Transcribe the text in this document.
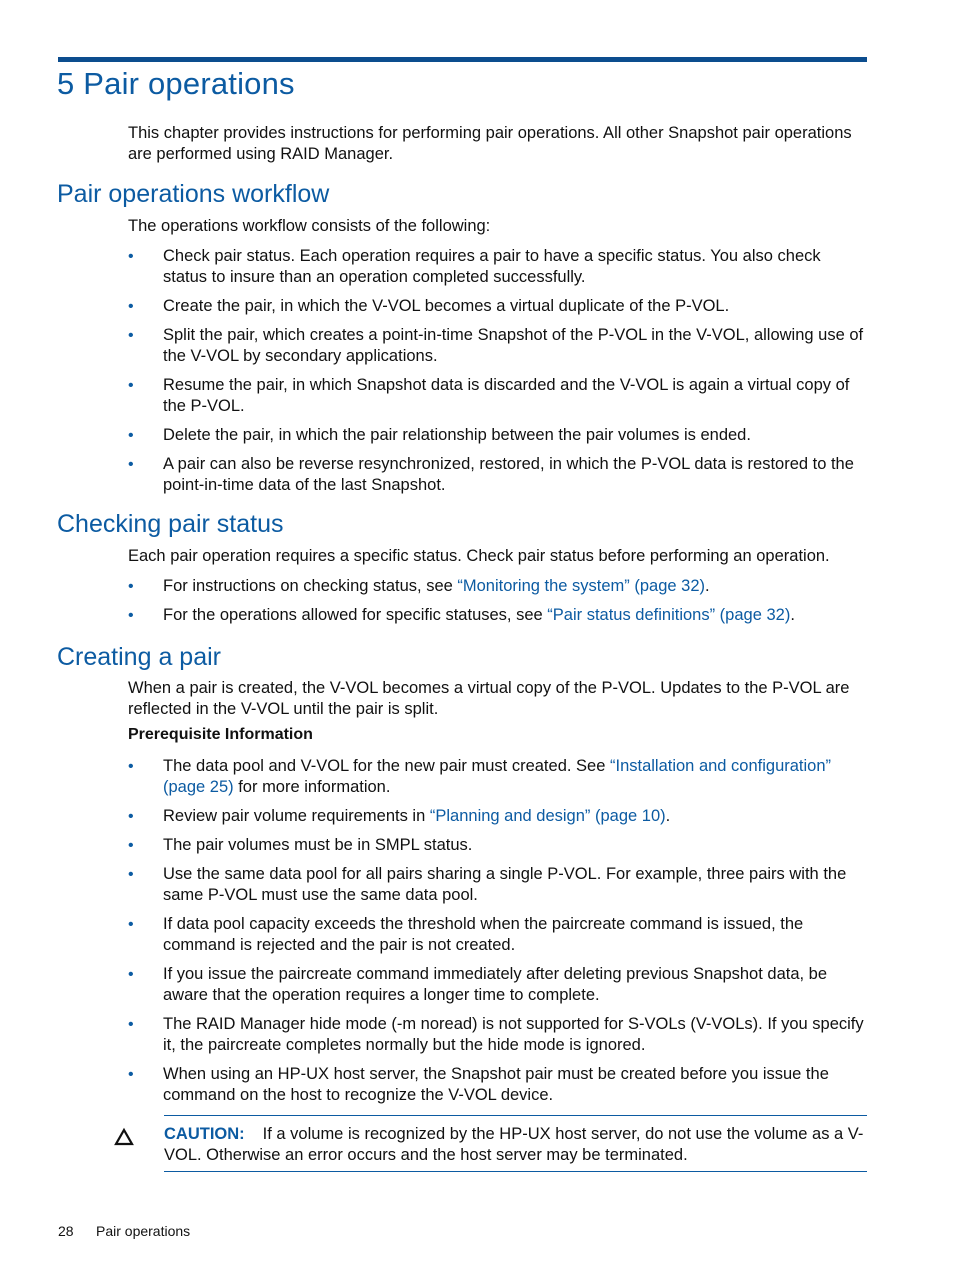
5 Pair operations

This chapter provides instructions for performing pair operations. All other Snapshot pair operations are performed using RAID Manager.

Pair operations workflow

The operations workflow consists of the following:

• Check pair status. Each operation requires a pair to have a specific status. You also check status to insure than an operation completed successfully.
• Create the pair, in which the V-VOL becomes a virtual duplicate of the P-VOL.
• Split the pair, which creates a point-in-time Snapshot of the P-VOL in the V-VOL, allowing use of the V-VOL by secondary applications.
• Resume the pair, in which Snapshot data is discarded and the V-VOL is again a virtual copy of the P-VOL.
• Delete the pair, in which the pair relationship between the pair volumes is ended.
• A pair can also be reverse resynchronized, restored, in which the P-VOL data is restored to the point-in-time data of the last Snapshot.
Checking pair status

Each pair operation requires a specific status. Check pair status before performing an operation.

• For instructions on checking status, see “Monitoring the system” (page 32).
• For the operations allowed for specific statuses, see “Pair status definitions” (page 32).
Creating a pair

When a pair is created, the V-VOL becomes a virtual copy of the P-VOL. Updates to the P-VOL are reflected in the V-VOL until the pair is split.

Prerequisite Information

• The data pool and V-VOL for the new pair must created. See “Installation and configuration” (page 25) for more information.
• Review pair volume requirements in “Planning and design” (page 10).
• The pair volumes must be in SMPL status.
• Use the same data pool for all pairs sharing a single P-VOL. For example, three pairs with the same P-VOL must use the same data pool.
• If data pool capacity exceeds the threshold when the paircreate command is issued, the command is rejected and the pair is not created.
• If you issue the paircreate command immediately after deleting previous Snapshot data, be aware that the operation requires a longer time to complete.
• The RAID Manager hide mode (-m noread) is not supported for S-VOLs (V-VOLs). If you specify it, the paircreate completes normally but the hide mode is ignored.
• When using an HP-UX host server, the Snapshot pair must be created before you issue the command on the host to recognize the V-VOL device.
CAUTION: If a volume is recognized by the HP-UX host server, do not use the volume as a V-VOL. Otherwise an error occurs and the host server may be terminated.
28 Pair operations
